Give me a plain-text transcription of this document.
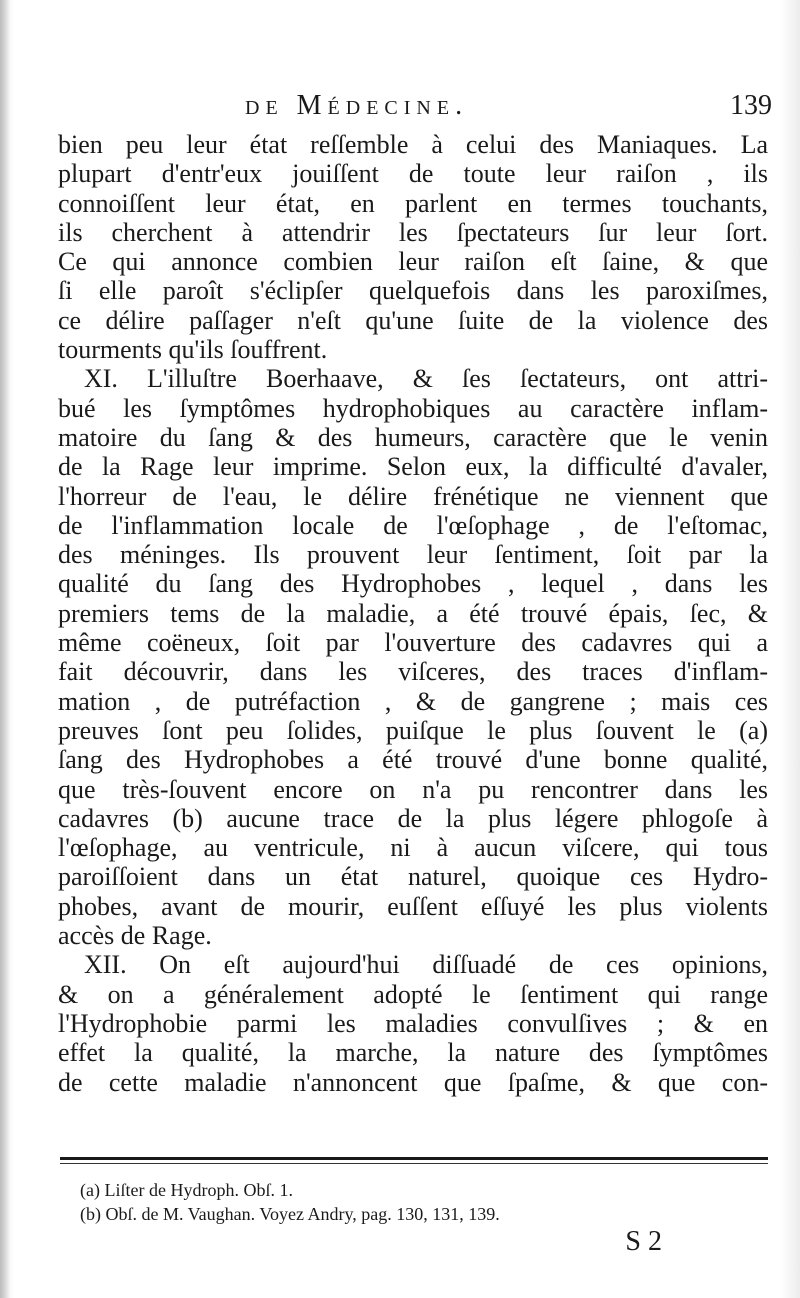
de Médecine.	139
bien peu leur état reſſemble à celui des Maniaques. La
plupart d'entr'eux jouiſſent de toute leur raiſon , ils
connoiſſent leur état, en parlent en termes touchants,
ils cherchent à attendrir les ſpectateurs ſur leur ſort.
Ce qui annonce combien leur raiſon eſt ſaine, & que
ſi elle paroît s'éclipſer quelquefois dans les paroxiſmes,
ce délire paſſager n'eſt qu'une ſuite de la violence des
tourments qu'ils ſouffrent.
XI. L'illuſtre Boerhaave, & ſes ſectateurs, ont attri-
bué les ſymptômes hydrophobiques au caractère inflam-
matoire du ſang & des humeurs, caractère que le venin
de la Rage leur imprime. Selon eux, la difficulté d'avaler,
l'horreur de l'eau, le délire frénétique ne viennent que
de l'inflammation locale de l'œſophage , de l'eſtomac,
des méninges. Ils prouvent leur ſentiment, ſoit par la
qualité du ſang des Hydrophobes , lequel , dans les
premiers tems de la maladie, a été trouvé épais, ſec, &
même coëneux, ſoit par l'ouverture des cadavres qui a
fait découvrir, dans les viſceres, des traces d'inflam-
mation , de putréfaction , & de gangrene ; mais ces
preuves ſont peu ſolides, puiſque le plus ſouvent le (a)
ſang des Hydrophobes a été trouvé d'une bonne qualité,
que très-ſouvent encore on n'a pu rencontrer dans les
cadavres (b) aucune trace de la plus légere phlogoſe à
l'œſophage, au ventricule, ni à aucun viſcere, qui tous
paroiſſoient dans un état naturel, quoique ces Hydro-
phobes, avant de mourir, euſſent eſſuyé les plus violents
accès de Rage.
XII. On eſt aujourd'hui diſſuadé de ces opinions,
& on a généralement adopté le ſentiment qui range
l'Hydrophobie parmi les maladies convulſives ; & en
effet la qualité, la marche, la nature des ſymptômes
de cette maladie n'annoncent que ſpaſme, & que con-
(a) Liſter de Hydroph. Obſ. 1.
(b) Obſ. de M. Vaughan. Voyez Andry, pag. 130, 131, 139.
S 2
